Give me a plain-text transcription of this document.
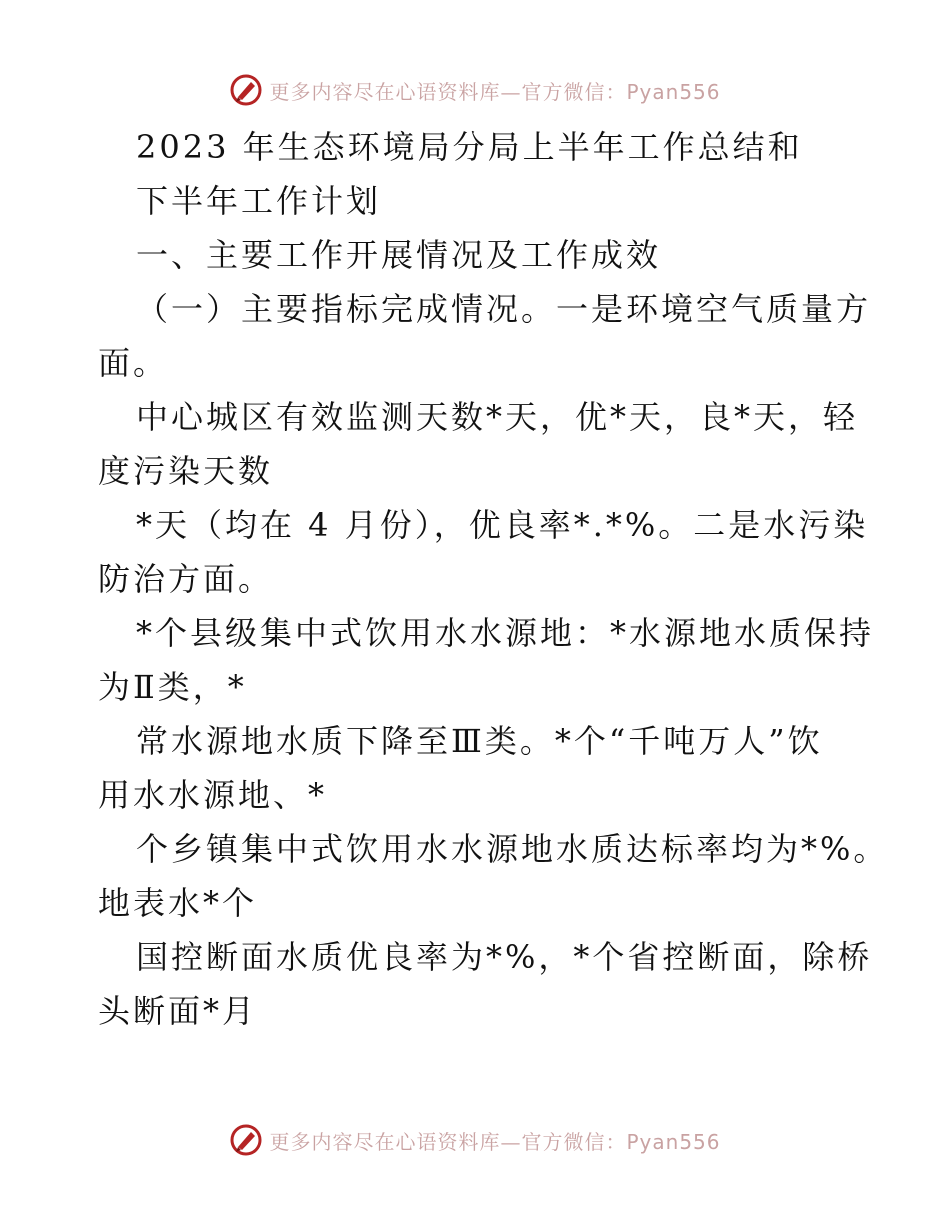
更多内容尽在心语资料库—官方微信：Pyan556
2023 年生态环境局分局上半年工作总结和
下半年工作计划
一、主要工作开展情况及工作成效
（一）主要指标完成情况。一是环境空气质量方
面。
中心城区有效监测天数*天，优*天，良*天，轻
度污染天数
*天（均在 4 月份），优良率*.*%。二是水污染
防治方面。
*个县级集中式饮用水水源地：*水源地水质保持
为Ⅱ类，*
常水源地水质下降至Ⅲ类。*个“千吨万人”饮
用水水源地、*
个乡镇集中式饮用水水源地水质达标率均为*%。
地表水*个
国控断面水质优良率为*%，*个省控断面，除桥
头断面*月
更多内容尽在心语资料库—官方微信：Pyan556
